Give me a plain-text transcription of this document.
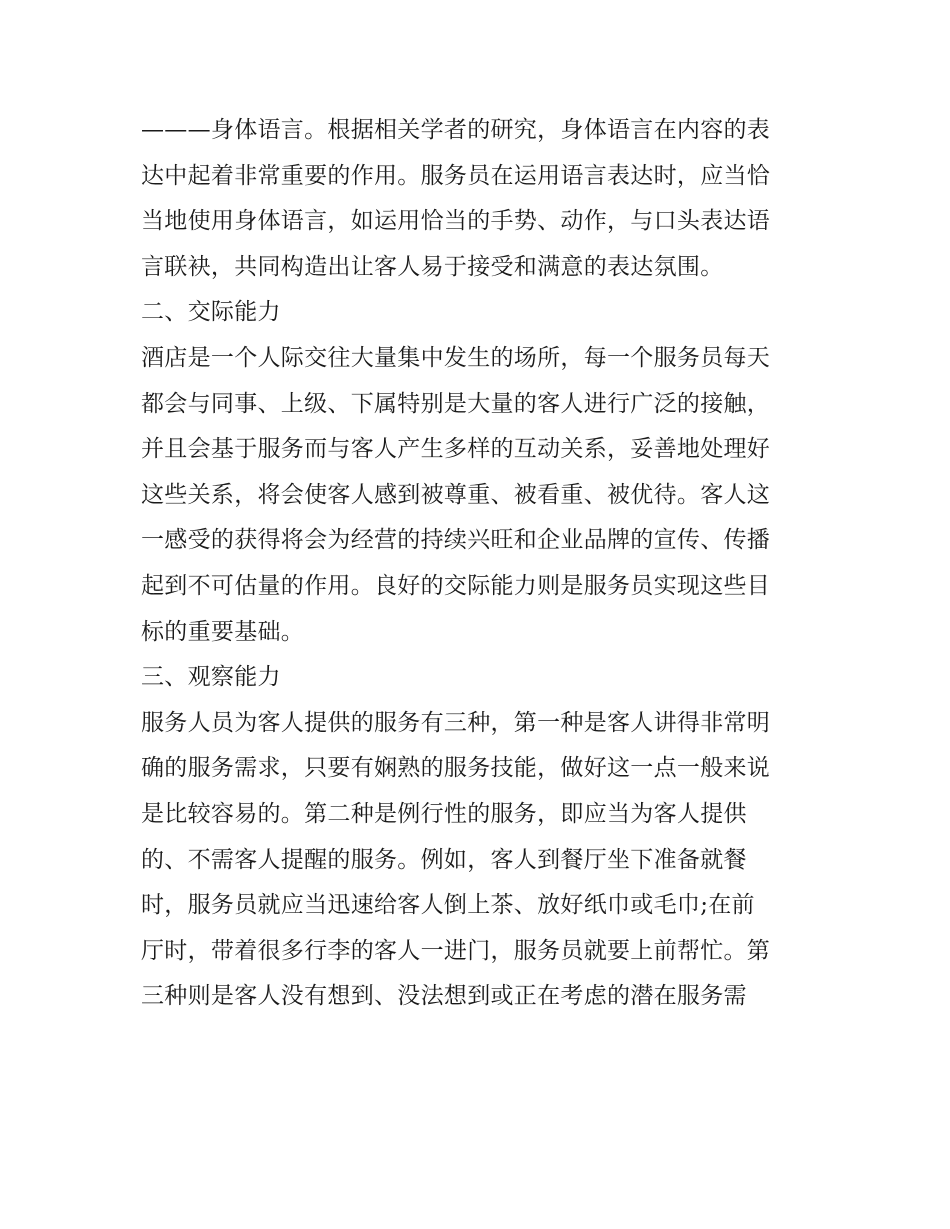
———身体语言。根据相关学者的研究，身体语言在内容的表
达中起着非常重要的作用。服务员在运用语言表达时，应当恰
当地使用身体语言，如运用恰当的手势、动作，与口头表达语
言联袂，共同构造出让客人易于接受和满意的表达氛围。
二、交际能力
酒店是一个人际交往大量集中发生的场所，每一个服务员每天
都会与同事、上级、下属特别是大量的客人进行广泛的接触，
并且会基于服务而与客人产生多样的互动关系，妥善地处理好
这些关系，将会使客人感到被尊重、被看重、被优待。客人这
一感受的获得将会为经营的持续兴旺和企业品牌的宣传、传播
起到不可估量的作用。良好的交际能力则是服务员实现这些目
标的重要基础。
三、观察能力
服务人员为客人提供的服务有三种，第一种是客人讲得非常明
确的服务需求，只要有娴熟的服务技能，做好这一点一般来说
是比较容易的。第二种是例行性的服务，即应当为客人提供
的、不需客人提醒的服务。例如，客人到餐厅坐下准备就餐
时，服务员就应当迅速给客人倒上茶、放好纸巾或毛巾;在前
厅时，带着很多行李的客人一进门，服务员就要上前帮忙。第
三种则是客人没有想到、没法想到或正在考虑的潜在服务需
